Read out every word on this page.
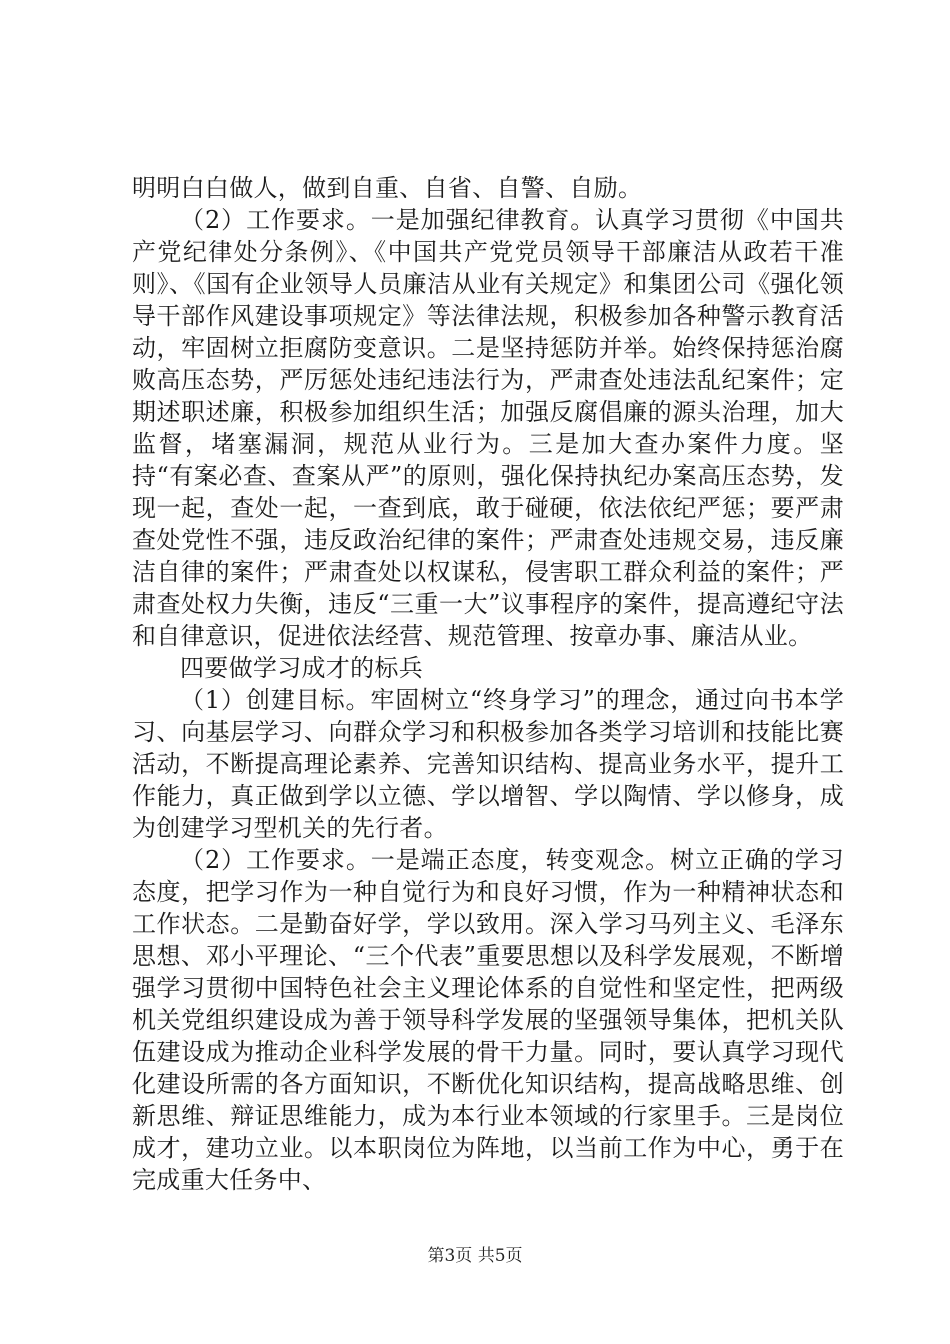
明明白白做人，做到自重、自省、自警、自励。

（2）工作要求。一是加强纪律教育。认真学习贯彻《中国共产党纪律处分条例》、《中国共产党党员领导干部廉洁从政若干准则》、《国有企业领导人员廉洁从业有关规定》和集团公司《强化领导干部作风建设事项规定》等法律法规，积极参加各种警示教育活动，牢固树立拒腐防变意识。二是坚持惩防并举。始终保持惩治腐败高压态势，严厉惩处违纪违法行为，严肃查处违法乱纪案件；定期述职述廉，积极参加组织生活；加强反腐倡廉的源头治理，加大监督，堵塞漏洞，规范从业行为。三是加大查办案件力度。坚持“有案必查、查案从严”的原则，强化保持执纪办案高压态势，发现一起，查处一起，一查到底，敢于碰硬，依法依纪严惩；要严肃查处党性不强，违反政治纪律的案件；严肃查处违规交易，违反廉洁自律的案件；严肃查处以权谋私，侵害职工群众利益的案件；严肃查处权力失衡，违反“三重一大”议事程序的案件，提高遵纪守法和自律意识，促进依法经营、规范管理、按章办事、廉洁从业。

四要做学习成才的标兵

（1）创建目标。牢固树立“终身学习”的理念，通过向书本学习、向基层学习、向群众学习和积极参加各类学习培训和技能比赛活动，不断提高理论素养、完善知识结构、提高业务水平，提升工作能力，真正做到学以立德、学以增智、学以陶情、学以修身，成为创建学习型机关的先行者。

（2）工作要求。一是端正态度，转变观念。树立正确的学习态度，把学习作为一种自觉行为和良好习惯，作为一种精神状态和工作状态。二是勤奋好学，学以致用。深入学习马列主义、毛泽东思想、邓小平理论、“三个代表”重要思想以及科学发展观，不断增强学习贯彻中国特色社会主义理论体系的自觉性和坚定性，把两级机关党组织建设成为善于领导科学发展的坚强领导集体，把机关队伍建设成为推动企业科学发展的骨干力量。同时，要认真学习现代化建设所需的各方面知识，不断优化知识结构，提高战略思维、创新思维、辩证思维能力，成为本行业本领域的行家里手。三是岗位成才，建功立业。以本职岗位为阵地，以当前工作为中心，勇于在完成重大任务中、

第3页 共5页
